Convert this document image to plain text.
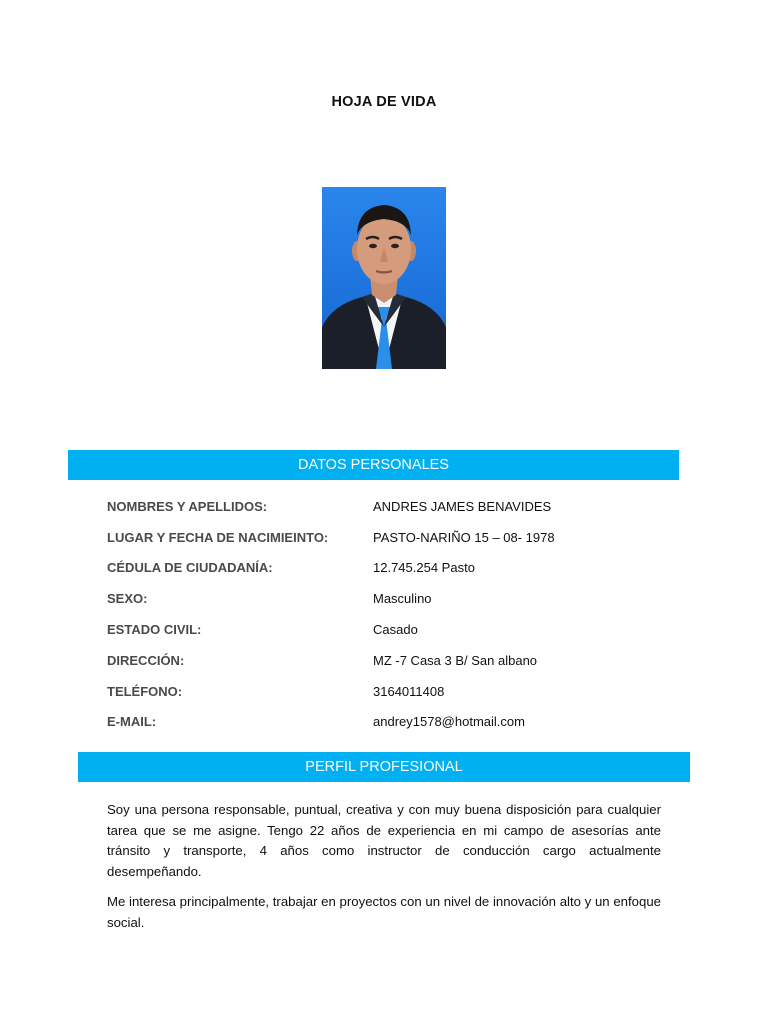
HOJA DE VIDA
DATOS PERSONALES
NOMBRES Y APELLIDOS:	ANDRES JAMES BENAVIDES
LUGAR Y FECHA DE NACIMIEINTO:	PASTO-NARIÑO 15 – 08- 1978
CÉDULA DE CIUDADANÍA:	12.745.254 Pasto
SEXO:	Masculino
ESTADO CIVIL:	Casado
DIRECCIÓN:	MZ -7 Casa 3 B/ San albano
TELÉFONO:	3164011408
E-MAIL:	andrey1578@hotmail.com
PERFIL PROFESIONAL

Soy una persona responsable, puntual, creativa y con muy buena disposición para cualquier tarea que se me asigne. Tengo 22 años de experiencia en mi campo de asesorías ante tránsito y transporte, 4 años como instructor de conducción cargo actualmente desempeñando.

Me interesa principalmente, trabajar en proyectos con un nivel de innovación alto y un enfoque social.
